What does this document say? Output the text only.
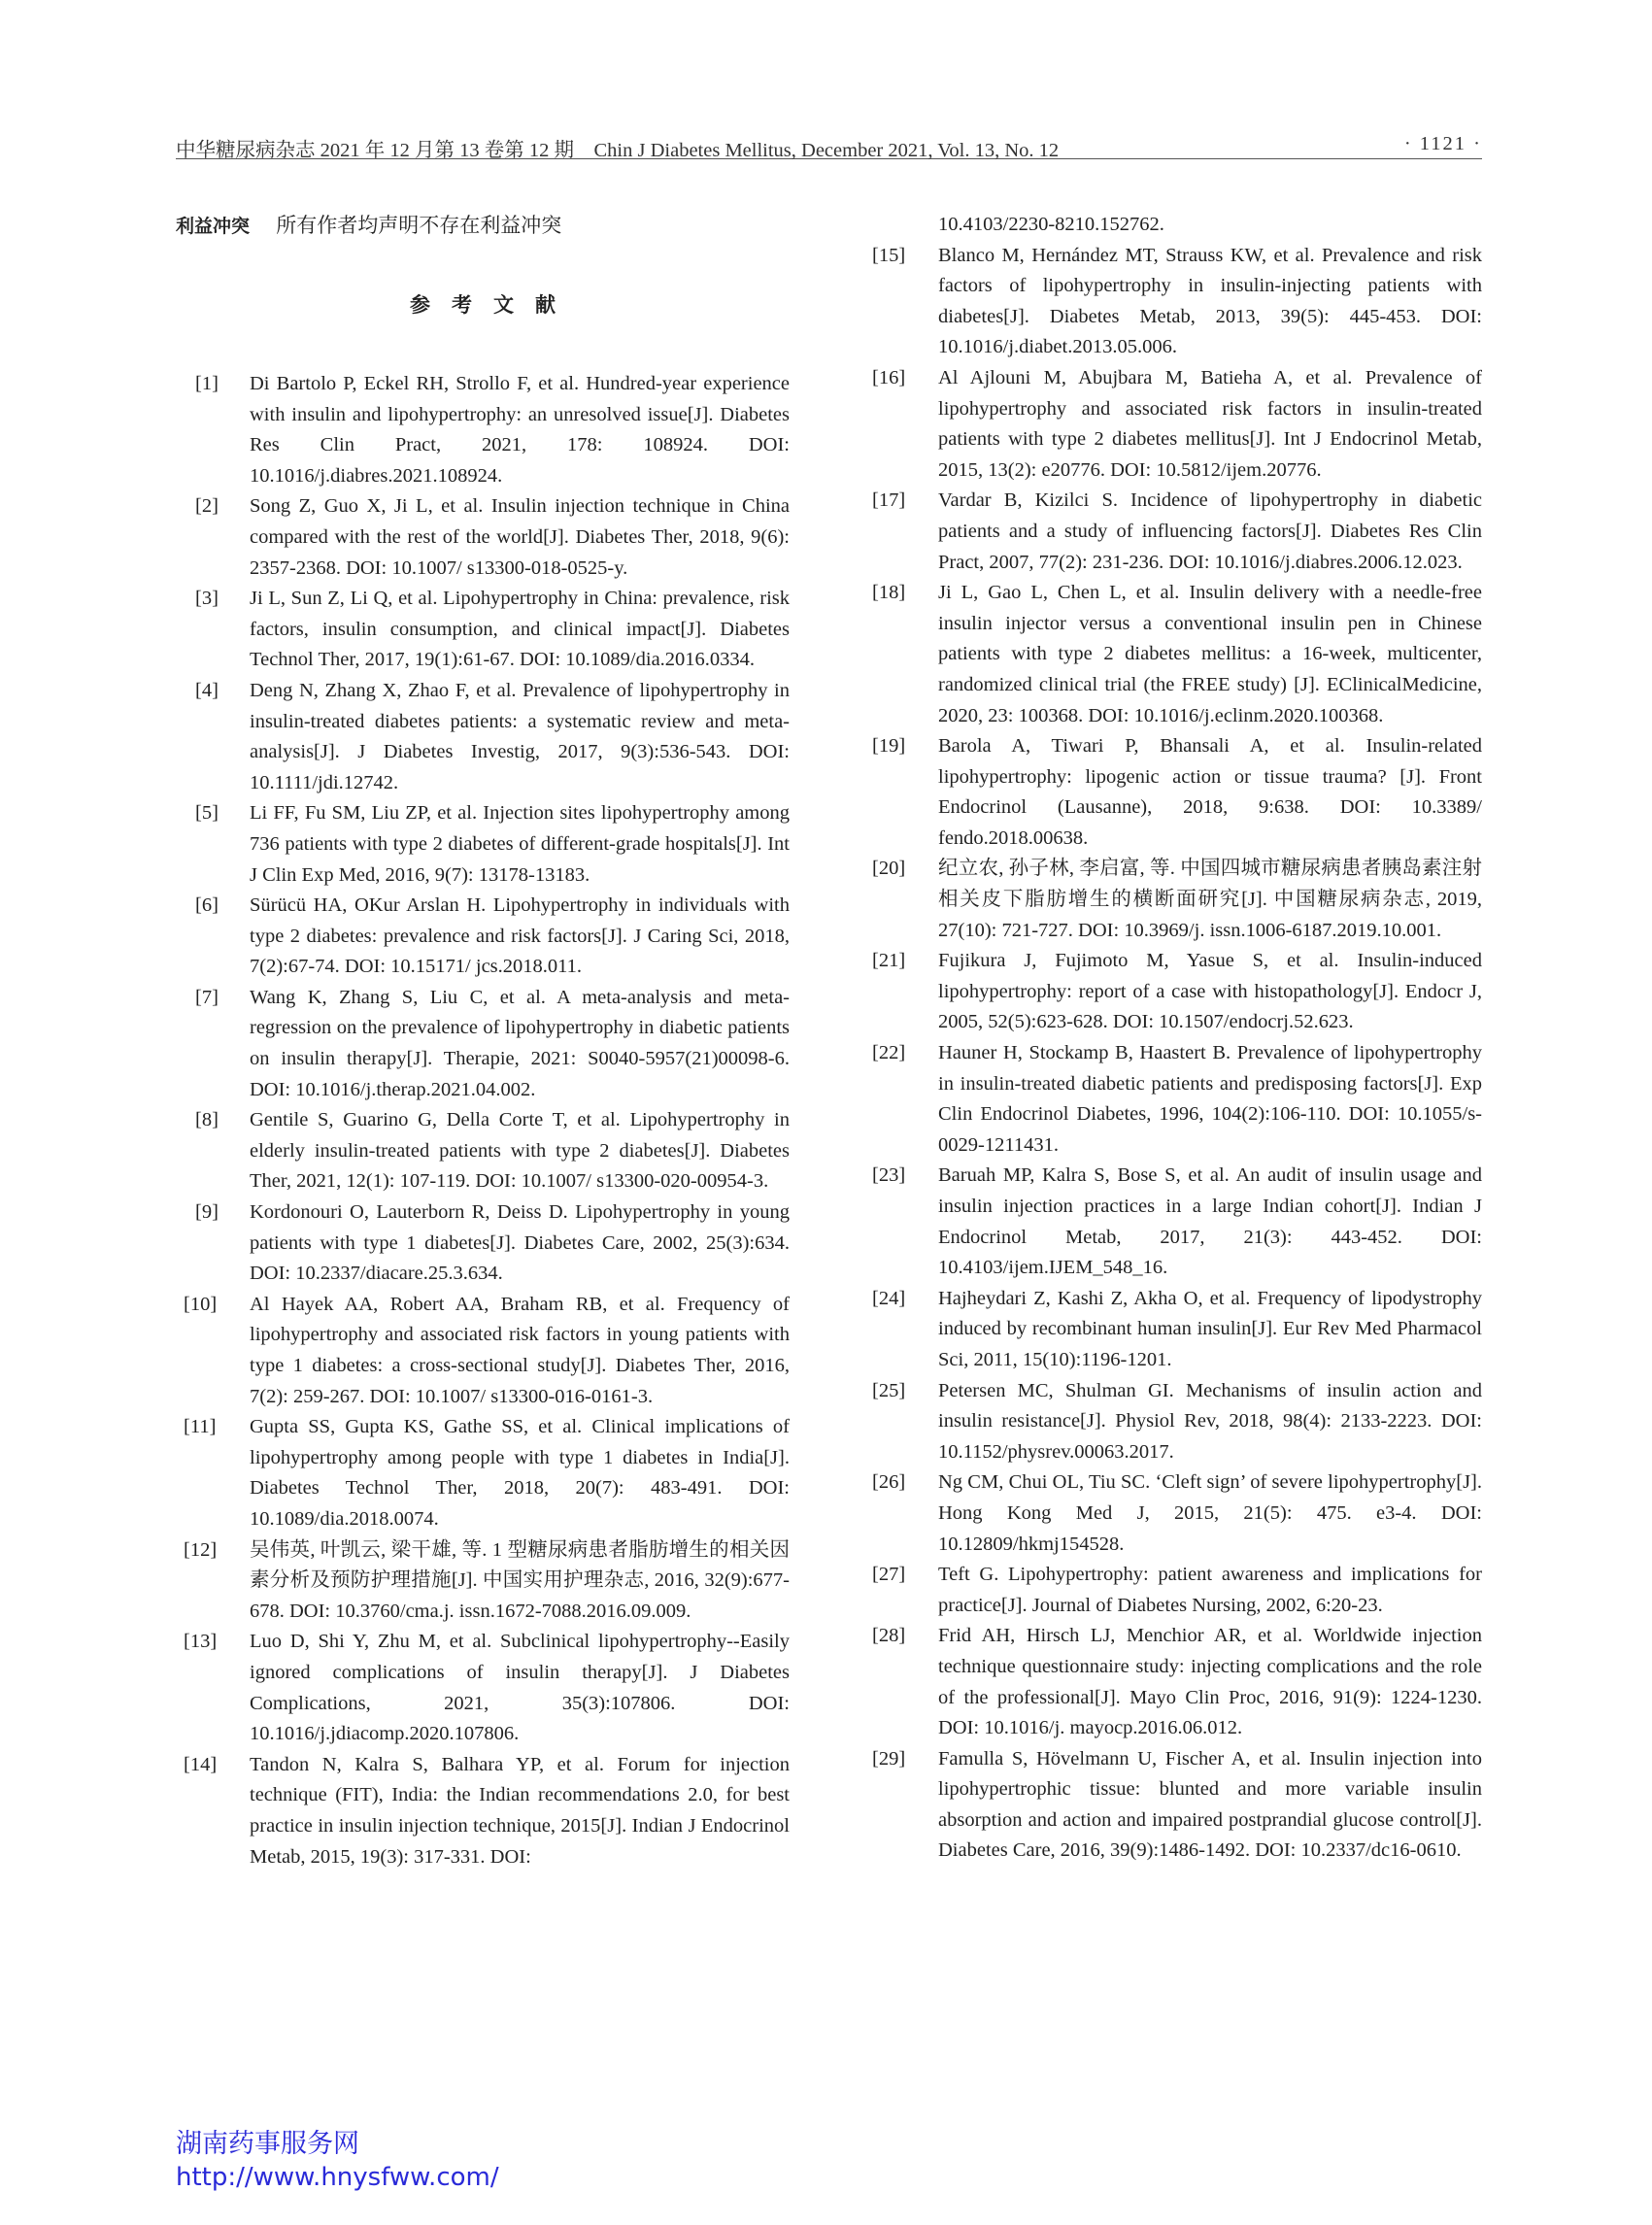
中华糖尿病杂志 2021 年 12 月第 13 卷第 12 期　Chin J Diabetes Mellitus, December 2021, Vol. 13, No. 12	· 1121 ·
利益冲突 所有作者均声明不存在利益冲突
参考文献
[1]	Di Bartolo P, Eckel RH, Strollo F, et al. Hundred-year experience with insulin and lipohypertrophy: an unresolved issue[J]. Diabetes Res Clin Pract, 2021, 178: 108924. DOI: 10.1016/j.diabres.2021.108924.
[2]	Song Z, Guo X, Ji L, et al. Insulin injection technique in China compared with the rest of the world[J]. Diabetes Ther, 2018, 9(6): 2357-2368. DOI: 10.1007/ s13300-018-0525-y.
[3]	Ji L, Sun Z, Li Q, et al. Lipohypertrophy in China: prevalence, risk factors, insulin consumption, and clinical impact[J]. Diabetes Technol Ther, 2017, 19(1):61-67. DOI: 10.1089/dia.2016.0334.
[4]	Deng N, Zhang X, Zhao F, et al. Prevalence of lipohypertrophy in insulin-treated diabetes patients: a systematic review and meta-analysis[J]. J Diabetes Investig, 2017, 9(3):536-543. DOI: 10.1111/jdi.12742.
[5]	Li FF, Fu SM, Liu ZP, et al. Injection sites lipohypertrophy among 736 patients with type 2 diabetes of different-grade hospitals[J]. Int J Clin Exp Med, 2016, 9(7): 13178-13183.
[6]	Sürücü HA, OKur Arslan H. Lipohypertrophy in individuals with type 2 diabetes: prevalence and risk factors[J]. J Caring Sci, 2018, 7(2):67-74. DOI: 10.15171/ jcs.2018.011.
[7]	Wang K, Zhang S, Liu C, et al. A meta-analysis and meta-regression on the prevalence of lipohypertrophy in diabetic patients on insulin therapy[J]. Therapie, 2021: S0040-5957(21)00098-6. DOI: 10.1016/j.therap.2021.04.002.
[8]	Gentile S, Guarino G, Della Corte T, et al. Lipohypertrophy in elderly insulin-treated patients with type 2 diabetes[J]. Diabetes Ther, 2021, 12(1): 107-119. DOI: 10.1007/ s13300-020-00954-3.
[9]	Kordonouri O, Lauterborn R, Deiss D. Lipohypertrophy in young patients with type 1 diabetes[J]. Diabetes Care, 2002, 25(3):634. DOI: 10.2337/diacare.25.3.634.
[10]	Al Hayek AA, Robert AA, Braham RB, et al. Frequency of lipohypertrophy and associated risk factors in young patients with type 1 diabetes: a cross-sectional study[J]. Diabetes Ther, 2016, 7(2): 259-267. DOI: 10.1007/ s13300-016-0161-3.
[11]	Gupta SS, Gupta KS, Gathe SS, et al. Clinical implications of lipohypertrophy among people with type 1 diabetes in India[J]. Diabetes Technol Ther, 2018, 20(7): 483-491. DOI: 10.1089/dia.2018.0074.
[12]	吴伟英, 叶凯云, 梁干雄, 等. 1 型糖尿病患者脂肪增生的相关因素分析及预防护理措施[J]. 中国实用护理杂志, 2016, 32(9):677-678. DOI: 10.3760/cma.j. issn.1672-7088.2016.09.009.
[13]	Luo D, Shi Y, Zhu M, et al. Subclinical lipohypertrophy--Easily ignored complications of insulin therapy[J]. J Diabetes Complications, 2021, 35(3):107806. DOI: 10.1016/j.jdiacomp.2020.107806.
[14]	Tandon N, Kalra S, Balhara YP, et al. Forum for injection technique (FIT), India: the Indian recommendations 2.0, for best practice in insulin injection technique, 2015[J]. Indian J Endocrinol Metab, 2015, 19(3): 317-331. DOI:
10.4103/2230-8210.152762.
[15]	Blanco M, Hernández MT, Strauss KW, et al. Prevalence and risk factors of lipohypertrophy in insulin-injecting patients with diabetes[J]. Diabetes Metab, 2013, 39(5): 445-453. DOI: 10.1016/j.diabet.2013.05.006.
[16]	Al Ajlouni M, Abujbara M, Batieha A, et al. Prevalence of lipohypertrophy and associated risk factors in insulin-treated patients with type 2 diabetes mellitus[J]. Int J Endocrinol Metab, 2015, 13(2): e20776. DOI: 10.5812/ijem.20776.
[17]	Vardar B, Kizilci S. Incidence of lipohypertrophy in diabetic patients and a study of influencing factors[J]. Diabetes Res Clin Pract, 2007, 77(2): 231-236. DOI: 10.1016/j.diabres.2006.12.023.
[18]	Ji L, Gao L, Chen L, et al. Insulin delivery with a needle-free insulin injector versus a conventional insulin pen in Chinese patients with type 2 diabetes mellitus: a 16-week, multicenter, randomized clinical trial (the FREE study) [J]. EClinicalMedicine, 2020, 23: 100368. DOI: 10.1016/j.eclinm.2020.100368.
[19]	Barola A, Tiwari P, Bhansali A, et al. Insulin-related lipohypertrophy: lipogenic action or tissue trauma? [J]. Front Endocrinol (Lausanne), 2018, 9:638. DOI: 10.3389/ fendo.2018.00638.
[20]	纪立农, 孙子林, 李启富, 等. 中国四城市糖尿病患者胰岛素注射相关皮下脂肪增生的横断面研究[J]. 中国糖尿病杂志, 2019, 27(10): 721-727. DOI: 10.3969/j. issn.1006-6187.2019.10.001.
[21]	Fujikura J, Fujimoto M, Yasue S, et al. Insulin-induced lipohypertrophy: report of a case with histopathology[J]. Endocr J, 2005, 52(5):623-628. DOI: 10.1507/endocrj.52.623.
[22]	Hauner H, Stockamp B, Haastert B. Prevalence of lipohypertrophy in insulin-treated diabetic patients and predisposing factors[J]. Exp Clin Endocrinol Diabetes, 1996, 104(2):106-110. DOI: 10.1055/s-0029-1211431.
[23]	Baruah MP, Kalra S, Bose S, et al. An audit of insulin usage and insulin injection practices in a large Indian cohort[J]. Indian J Endocrinol Metab, 2017, 21(3): 443-452. DOI: 10.4103/ijem.IJEM_548_16.
[24]	Hajheydari Z, Kashi Z, Akha O, et al. Frequency of lipodystrophy induced by recombinant human insulin[J]. Eur Rev Med Pharmacol Sci, 2011, 15(10):1196-1201.
[25]	Petersen MC, Shulman GI. Mechanisms of insulin action and insulin resistance[J]. Physiol Rev, 2018, 98(4): 2133-2223. DOI: 10.1152/physrev.00063.2017.
[26]	Ng CM, Chui OL, Tiu SC. ‘Cleft sign’ of severe lipohypertrophy[J]. Hong Kong Med J, 2015, 21(5): 475. e3-4. DOI: 10.12809/hkmj154528.
[27]	Teft G. Lipohypertrophy: patient awareness and implications for practice[J]. Journal of Diabetes Nursing, 2002, 6:20-23.
[28]	Frid AH, Hirsch LJ, Menchior AR, et al. Worldwide injection technique questionnaire study: injecting complications and the role of the professional[J]. Mayo Clin Proc, 2016, 91(9): 1224-1230. DOI: 10.1016/j. mayocp.2016.06.012.
[29]	Famulla S, Hövelmann U, Fischer A, et al. Insulin injection into lipohypertrophic tissue: blunted and more variable insulin absorption and action and impaired postprandial glucose control[J]. Diabetes Care, 2016, 39(9):1486-1492. DOI: 10.2337/dc16-0610.
湖南药事服务网
http://www.hnysfww.com/
